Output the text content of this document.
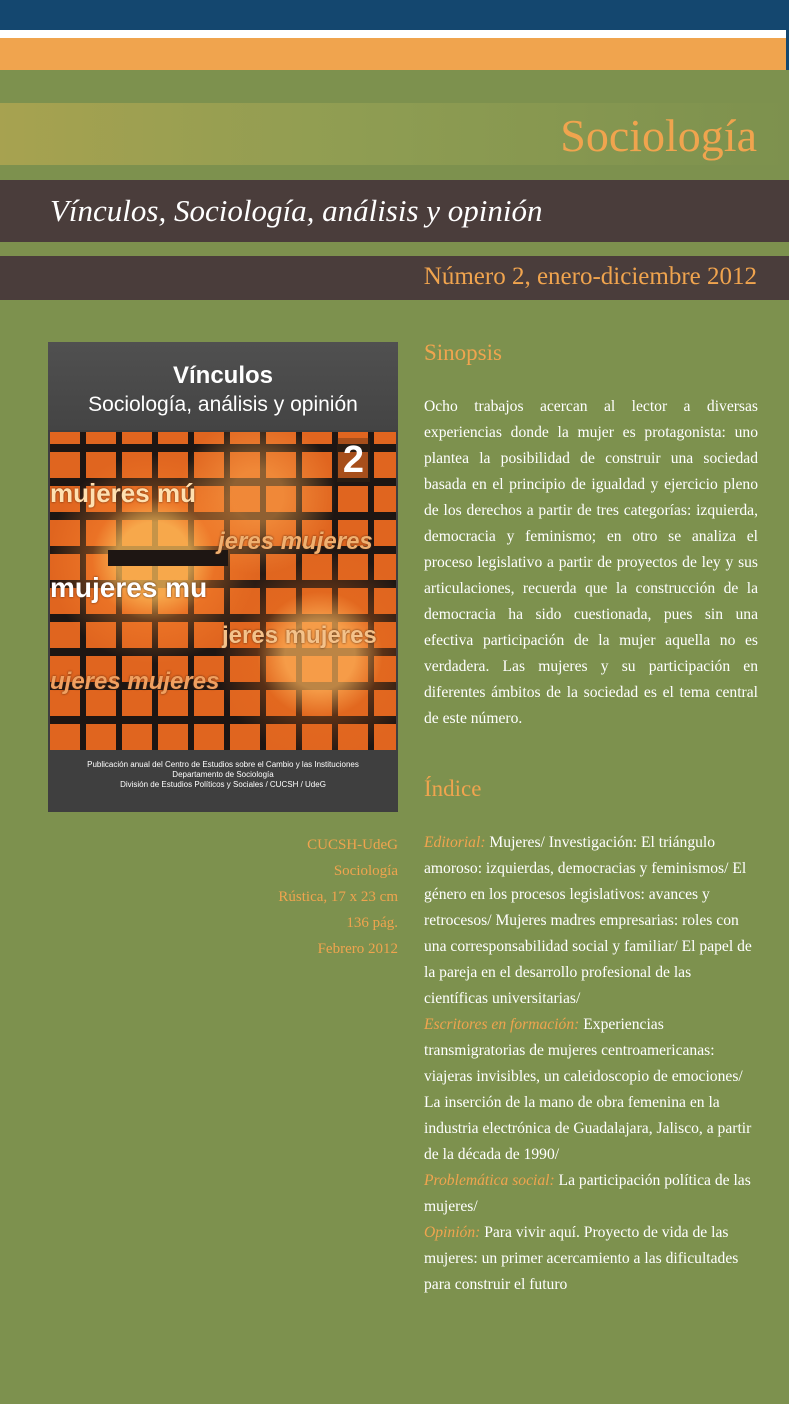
Sociología
Vínculos, Sociología, análisis y opinión
Número 2, enero-diciembre 2012
Vínculos
Sociología, análisis y opinión
2
mujeres mú
jeres mujeres
mujeres mu
jeres mujeres
ujeres mujeres
Publicación anual del Centro de Estudios sobre el Cambio y las Instituciones
Departamento de Sociología
División de Estudios Políticos y Sociales / CUCSH / UdeG
CUCSH-UdeG
Sociología
Rústica, 17 x 23 cm
136 pág.
Febrero 2012
Sinopsis

Ocho trabajos acercan al lector a diversas experiencias donde la mujer es protagonista: uno plantea la posibilidad de construir una sociedad basada en el principio de igualdad y ejercicio pleno de los derechos a partir de tres categorías: izquierda, democracia y feminismo; en otro se analiza el proceso legislativo a partir de proyectos de ley y sus articulaciones, recuerda que la construcción de la democracia ha sido cuestionada, pues sin una efectiva participación de la mujer aquella no es verdadera. Las mujeres y su participación en diferentes ámbitos de la sociedad es el tema central de este número.

Índice

Editorial: Mujeres/ Investigación: El triángulo amoroso: izquierdas, democracias y feminismos/ El género en los procesos legislativos: avances y retrocesos/ Mujeres madres empresarias: roles con una corresponsabilidad social y familiar/ El papel de la pareja en el desarrollo profesional de las científicas universitarias/
Escritores en formación: Experiencias transmigratorias de mujeres centroamericanas: viajeras invisibles, un caleidoscopio de emociones/ La inserción de la mano de obra femenina en la industria electrónica de Guadalajara, Jalisco, a partir de la década de 1990/
Problemática social: La participación política de las mujeres/
Opinión: Para vivir aquí. Proyecto de vida de las mujeres: un primer acercamiento a las dificultades para construir el futuro
